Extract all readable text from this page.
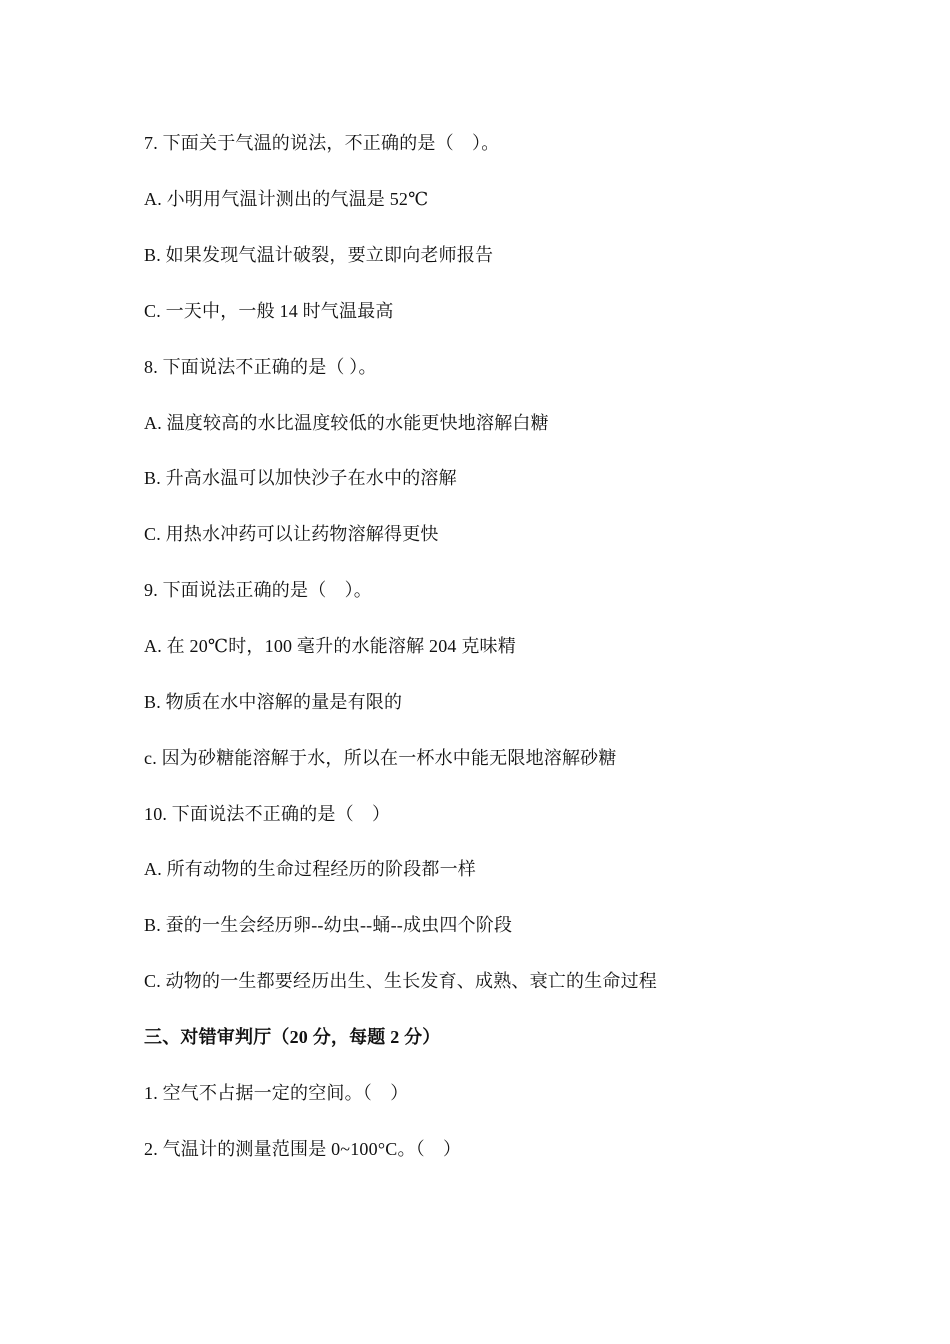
7. 下面关于气温的说法，不正确的是（　）。
A. 小明用气温计测出的气温是 52℃
B. 如果发现气温计破裂，要立即向老师报告
C. 一天中，一般 14 时气温最高
8. 下面说法不正确的是（ ）。
A. 温度较高的水比温度较低的水能更快地溶解白糖
B. 升高水温可以加快沙子在水中的溶解
C. 用热水冲药可以让药物溶解得更快
9. 下面说法正确的是（　）。
A. 在 20℃时，100 毫升的水能溶解 204 克味精
B. 物质在水中溶解的量是有限的
c. 因为砂糖能溶解于水，所以在一杯水中能无限地溶解砂糖
10. 下面说法不正确的是（　）
A. 所有动物的生命过程经历的阶段都一样
B. 蚕的一生会经历卵--幼虫--蛹--成虫四个阶段
C. 动物的一生都要经历出生、生长发育、成熟、衰亡的生命过程
三、对错审判厅（20 分，每题 2 分）
1. 空气不占据一定的空间。（　）
2. 气温计的测量范围是 0~100°C。（　）
